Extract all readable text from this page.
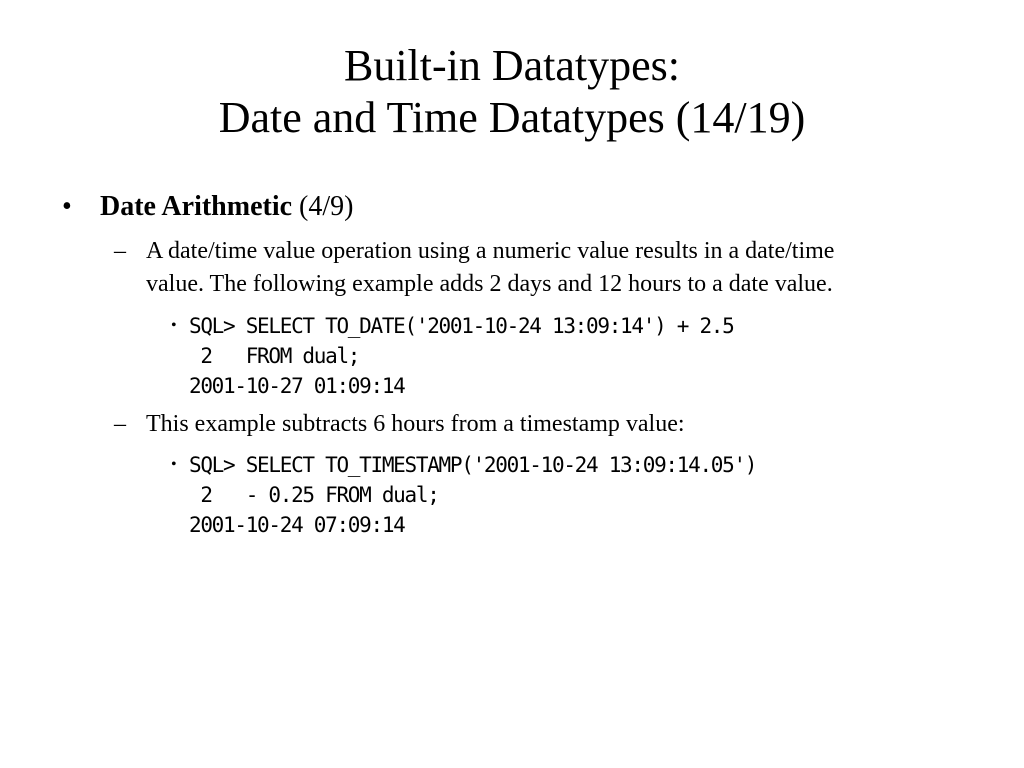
Built-in Datatypes:
Date and Time Datatypes (14/19)
• Date Arithmetic (4/9)
– A date/time value operation using a numeric value results in a date/time
value. The following example adds 2 days and 12 hours to a date value.
• SQL> SELECT TO_DATE('2001-10-24 13:09:14') + 2.5
2   FROM dual;
2001-10-27 01:09:14
– This example subtracts 6 hours from a timestamp value:
• SQL> SELECT TO_TIMESTAMP('2001-10-24 13:09:14.05')
2   - 0.25 FROM dual;
2001-10-24 07:09:14
